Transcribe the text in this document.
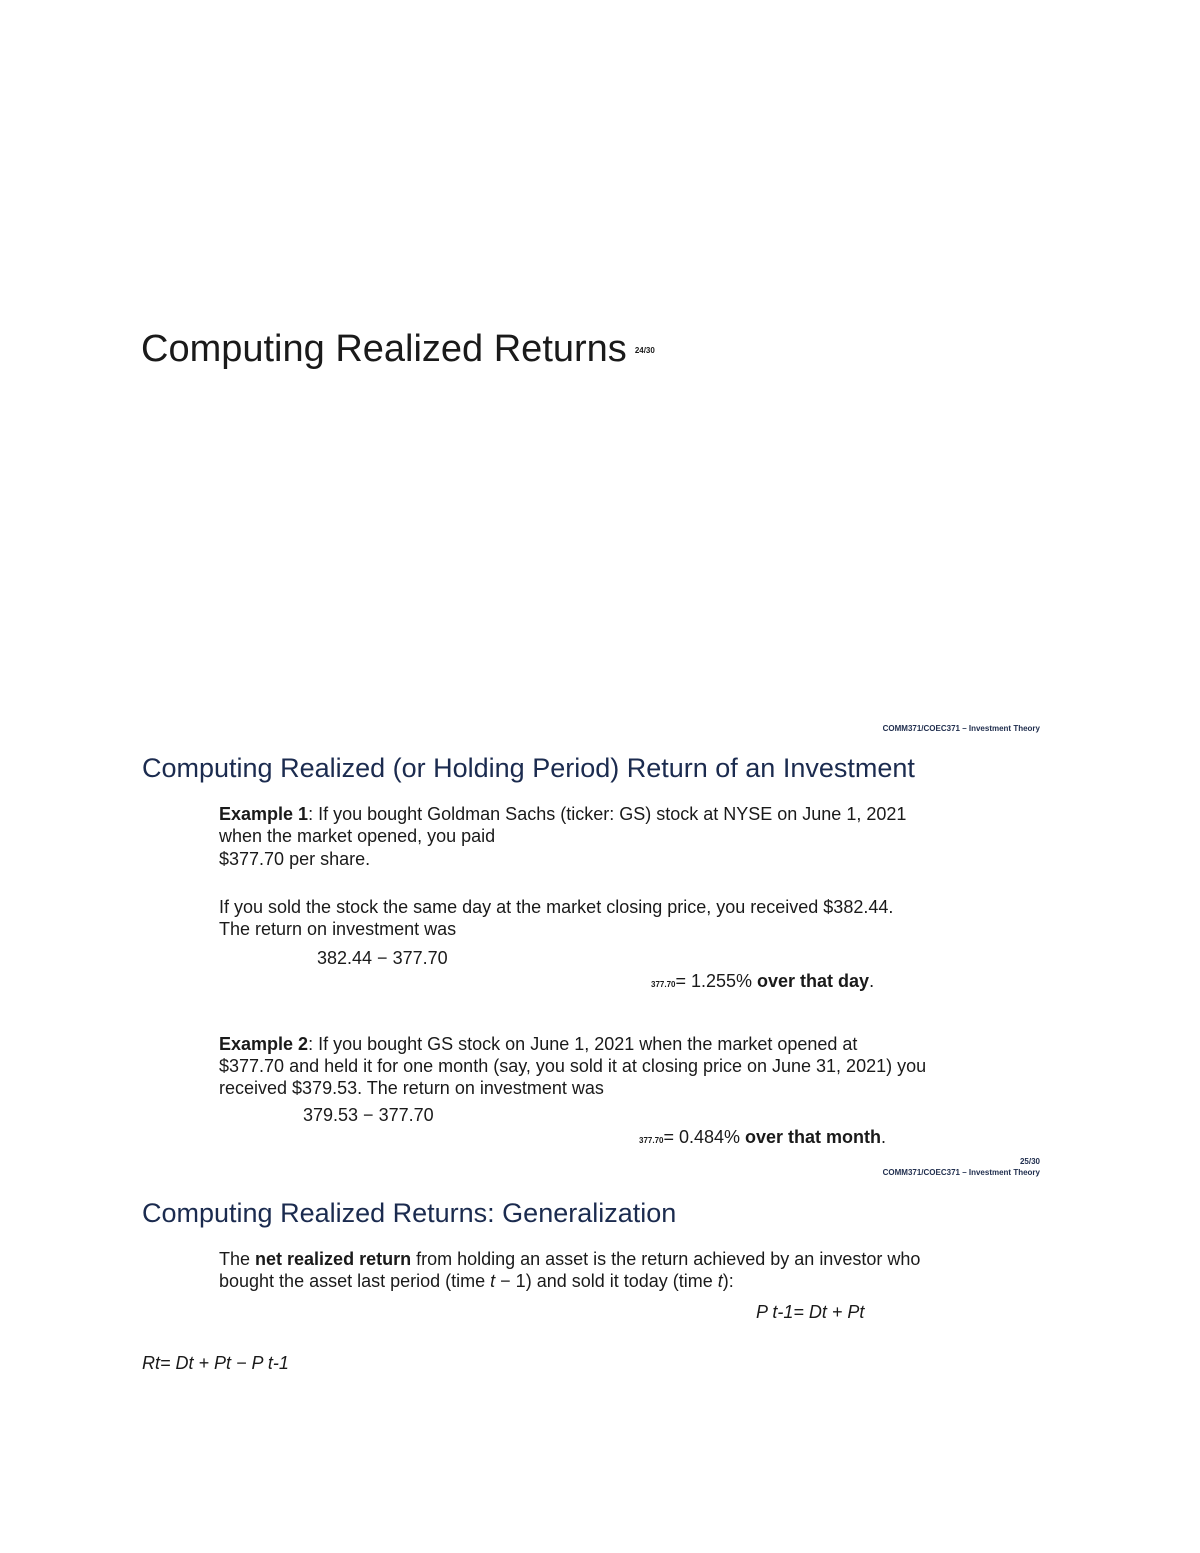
Computing Realized Returns 24/30
COMM371/COEC371 – Investment Theory
Computing Realized (or Holding Period) Return of an Investment
Example 1: If you bought Goldman Sachs (ticker: GS) stock at NYSE on June 1, 2021
when the market opened, you paid
$377.70 per share.
If you sold the stock the same day at the market closing price, you received $382.44.
The return on investment was
382.44 − 377.70
377.70= 1.255% over that day.
Example 2: If you bought GS stock on June 1, 2021 when the market opened at
$377.70 and held it for one month (say, you sold it at closing price on June 31, 2021) you
received $379.53. The return on investment was
379.53 − 377.70
377.70= 0.484% over that month.
25/30
COMM371/COEC371 – Investment Theory
Computing Realized Returns: Generalization
The net realized return from holding an asset is the return achieved by an investor who
bought the asset last period (time t − 1) and sold it today (time t):
P t-1= Dt + Pt
Rt= Dt + Pt − P t-1
